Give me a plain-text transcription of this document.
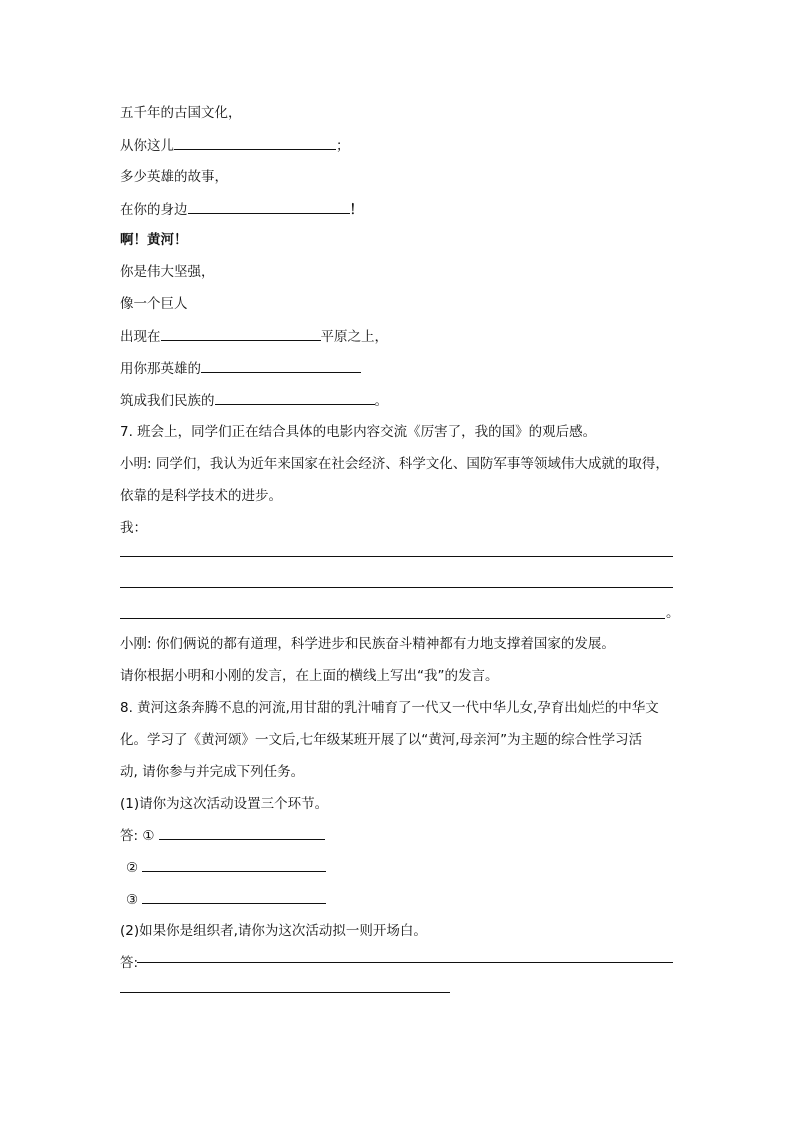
五千年的古国文化，
从你这儿	；
多少英雄的故事，
在你的身边	！
啊！黄河！
你是伟大坚强，
像一个巨人
出现在	平原之上，
用你那英雄的
筑成我们民族的	。
7. 班会上，同学们正在结合具体的电影内容交流《厉害了，我的国》的观后感。
小明: 同学们，我认为近年来国家在社会经济、科学文化、国防军事等领域伟大成就的取得，
依靠的是科学技术的进步。
我：
。
小刚: 你们俩说的都有道理，科学进步和民族奋斗精神都有力地支撑着国家的发展。
请你根据小明和小刚的发言，在上面的横线上写出“我”的发言。
8. 黄河这条奔腾不息的河流,用甘甜的乳汁哺育了一代又一代中华儿女,孕育出灿烂的中华文
化。学习了《黄河颂》一文后,七年级某班开展了以“黄河,母亲河”为主题的综合性学习活
动, 请你参与并完成下列任务。
(1)请你为这次活动设置三个环节。
答: ①
②
③
(2)如果你是组织者,请你为这次活动拟一则开场白。
答:
